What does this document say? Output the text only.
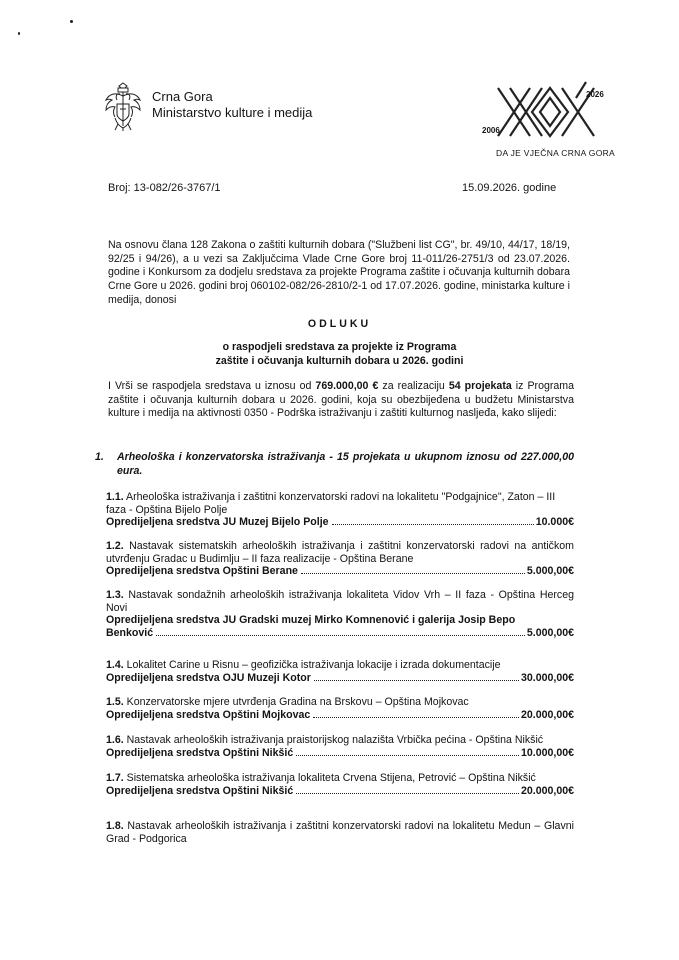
Crna Gora
Ministarstvo kulture i medija
2026
2006
DA JE VJEČNA CRNA GORA
Broj: 13-082/26-3767/1	15.09.2026. godine
Na osnovu člana 128 Zakona o zaštiti kulturnih dobara ("Službeni list CG", br. 49/10, 44/17, 18/19, 92/25 i 94/26), a u vezi sa Zaključcima Vlade Crne Gore broj 11-011/26-2751/3 od 23.07.2026. godine i Konkursom za dodjelu sredstava za projekte Programa zaštite i očuvanja kulturnih dobara Crne Gore u 2026. godini broj 060102-082/26-2810/2-1 od 17.07.2026. godine, ministarka kulture i medija, donosi
ODLUKU
o raspodjeli sredstava za projekte iz Programa
zaštite i očuvanja kulturnih dobara u 2026. godini
I Vrši se raspodjela sredstava u iznosu od 769.000,00 € za realizaciju 54 projekata iz Programa zaštite i očuvanja kulturnih dobara u 2026. godini, koja su obezbijeđena u budžetu Ministarstva kulture i medija na aktivnosti 0350 - Podrška istraživanju i zaštiti kulturnog nasljeđa, kako slijedi:
1. Arheološka i konzervatorska istraživanja - 15 projekata u ukupnom iznosu od 227.000,00 eura.
1.1. Arheološka istraživanja i zaštitni konzervatorski radovi na lokalitetu "Podgajnice", Zaton – III faza - Opština Bijelo Polje
Opredijeljena sredstva JU Muzej Bijelo Polje	10.000€
1.2. Nastavak sistematskih arheoloških istraživanja i zaštitni konzervatorski radovi na antičkom utvrđenju Gradac u Budimlju – II faza realizacije - Opština Berane
Opredijeljena sredstva Opštini Berane	5.000,00€
1.3. Nastavak sondažnih arheoloških istraživanja lokaliteta Vidov Vrh – II faza - Opština Herceg Novi
Opredijeljena sredstva JU Gradski muzej Mirko Komnenović i galerija Josip Bepo
Benković	5.000,00€
1.4. Lokalitet Carine u Risnu – geofizička istraživanja lokacije i izrada dokumentacije
Opredijeljena sredstva OJU Muzeji Kotor	30.000,00€
1.5. Konzervatorske mjere utvrđenja Gradina na Brskovu – Opština Mojkovac
Opredijeljena sredstva Opštini Mojkovac	20.000,00€
1.6. Nastavak arheoloških istraživanja praistorijskog nalazišta Vrbička pećina - Opština Nikšić
Opredijeljena sredstva Opštini Nikšić	10.000,00€
1.7. Sistematska arheološka istraživanja lokaliteta Crvena Stijena, Petrović – Opština Nikšić
Opredijeljena sredstva Opštini Nikšić	20.000,00€
1.8. Nastavak arheoloških istraživanja i zaštitni konzervatorski radovi na lokalitetu Medun – Glavni Grad - Podgorica
